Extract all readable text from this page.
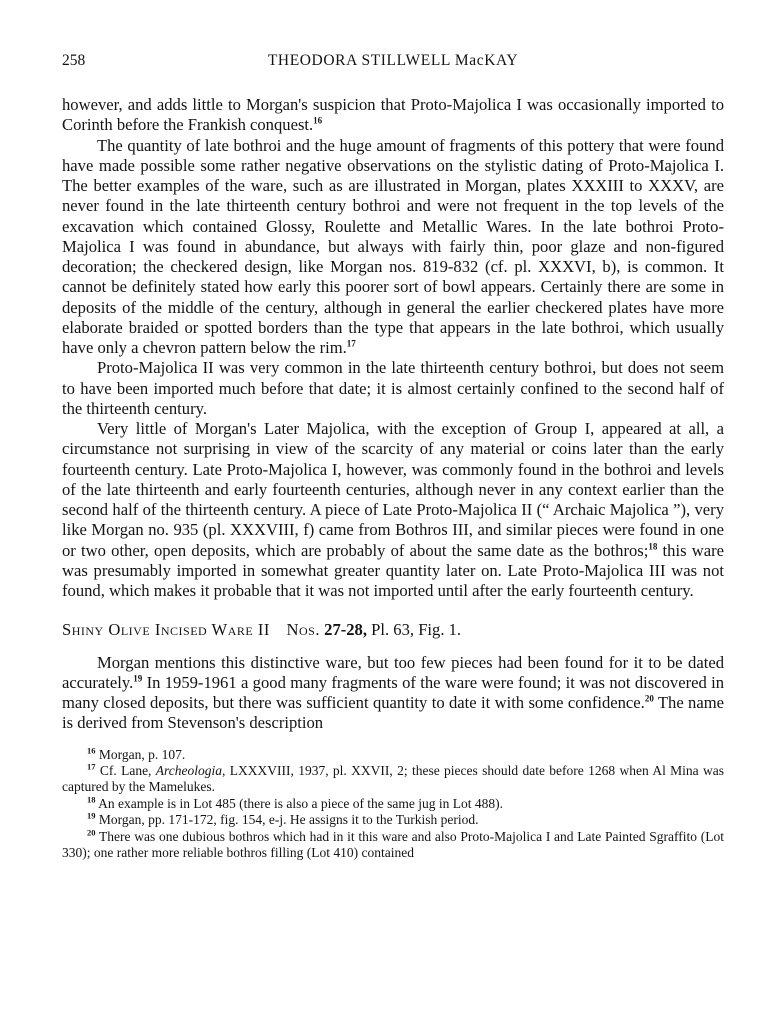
258	THEODORA STILLWELL MacKAY

however, and adds little to Morgan's suspicion that Proto-Majolica I was occasionally imported to Corinth before the Frankish conquest.$^{16}$

The quantity of late bothroi and the huge amount of fragments of this pottery that were found have made possible some rather negative observations on the stylistic dating of Proto-Majolica I. The better examples of the ware, such as are illustrated in Morgan, plates XXXIII to XXXV, are never found in the late thirteenth century bothroi and were not frequent in the top levels of the excavation which contained Glossy, Roulette and Metallic Wares. In the late bothroi Proto-Majolica I was found in abundance, but always with fairly thin, poor glaze and non-figured decoration; the checkered design, like Morgan nos. 819-832 (cf. pl. XXXVI, b), is common. It cannot be definitely stated how early this poorer sort of bowl appears. Certainly there are some in deposits of the middle of the century, although in general the earlier checkered plates have more elaborate braided or spotted borders than the type that appears in the late bothroi, which usually have only a chevron pattern below the rim.$^{17}$

Proto-Majolica II was very common in the late thirteenth century bothroi, but does not seem to have been imported much before that date; it is almost certainly confined to the second half of the thirteenth century.

Very little of Morgan's Later Majolica, with the exception of Group I, appeared at all, a circumstance not surprising in view of the scarcity of any material or coins later than the early fourteenth century. Late Proto-Majolica I, however, was commonly found in the bothroi and levels of the late thirteenth and early fourteenth centuries, although never in any context earlier than the second half of the thirteenth century. A piece of Late Proto-Majolica II (“ Archaic Majolica ”), very like Morgan no. 935 (pl. XXXVIII, f) came from Bothros III, and similar pieces were found in one or two other, open deposits, which are probably of about the same date as the bothros;$^{18}$ this ware was presumably imported in somewhat greater quantity later on. Late Proto-Majolica III was not found, which makes it probable that it was not imported until after the early fourteenth century.

Shiny Olive Incised Ware II Nos. 27-28, Pl. 63, Fig. 1.

Morgan mentions this distinctive ware, but too few pieces had been found for it to be dated accurately.$^{19}$ In 1959-1961 a good many fragments of the ware were found; it was not discovered in many closed deposits, but there was sufficient quantity to date it with some confidence.$^{20}$ The name is derived from Stevenson's description

$^{16}$ Morgan, p. 107.

$^{17}$ Cf. Lane, Archeologia, LXXXVIII, 1937, pl. XXVII, 2; these pieces should date before 1268 when Al Mina was captured by the Mamelukes.

$^{18}$ An example is in Lot 485 (there is also a piece of the same jug in Lot 488).

$^{19}$ Morgan, pp. 171-172, fig. 154, e-j. He assigns it to the Turkish period.

$^{20}$ There was one dubious bothros which had in it this ware and also Proto-Majolica I and Late Painted Sgraffito (Lot 330); one rather more reliable bothros filling (Lot 410) contained
